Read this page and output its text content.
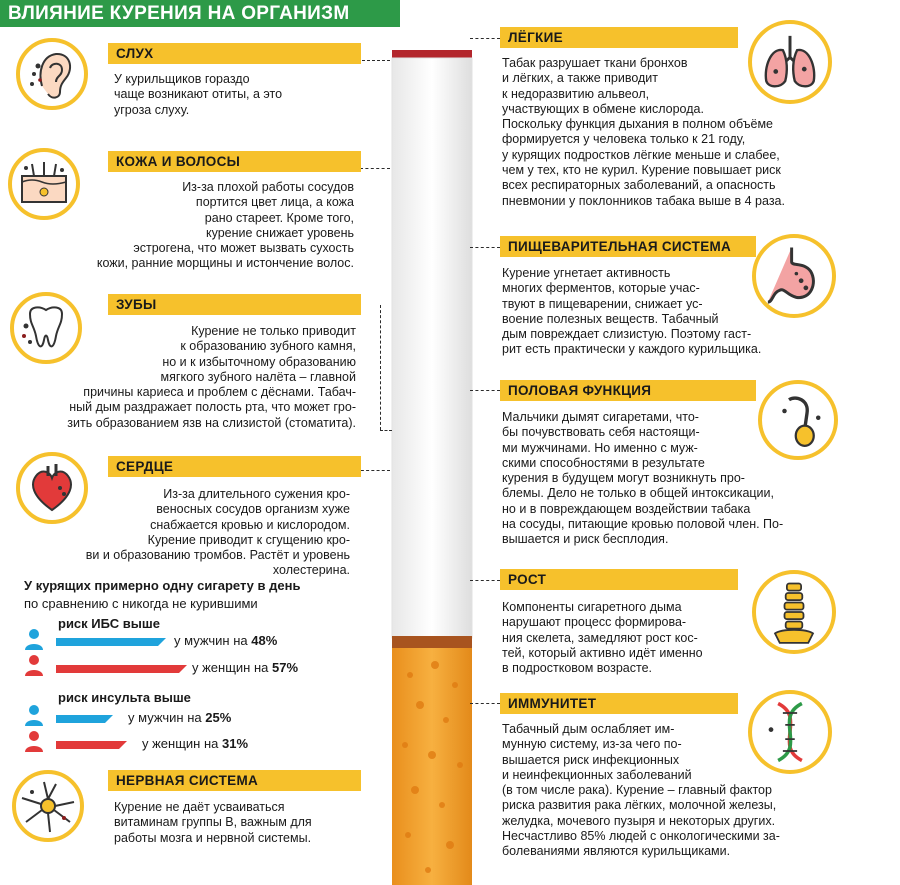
ВЛИЯНИЕ КУРЕНИЯ НА ОРГАНИЗМ
СЛУХ
У курильщиков гораздо
чаще возникают отиты, а это
угроза слуху.
КОЖА И ВОЛОСЫ
Из-за плохой работы сосудов
портится цвет лица, а кожа
рано стареет. Кроме того,
курение снижает уровень
эстрогена, что может вызвать сухость
кожи, ранние морщины и истончение волос.
ЗУБЫ
Курение не только приводит
к образованию зубного камня,
но и к избыточному образованию
мягкого зубного налёта – главной
причины кариеса и проблем с дёснами. Табач-
ный дым раздражает полость рта, что может гро-
зить образованием язв на слизистой (стоматита).
СЕРДЦЕ
Из-за длительного сужения кро-
веносных сосудов организм хуже
снабжается кровью и кислородом.
Курение приводит к сгущению кро-
ви и образованию тромбов. Растёт и уровень
холестерина.
У курящих примерно одну сигарету в день
по сравнению с никогда не курившими
риск ИБС выше
у мужчин на 48%
у женщин на 57%
риск инсульта выше
у мужчин на 25%
у женщин на 31%
НЕРВНАЯ СИСТЕМА
Курение не даёт усваиваться
витаминам группы В, важным для
работы мозга и нервной системы.
ЛЁГКИЕ
Табак разрушает ткани бронхов
и лёгких, а также приводит
к недоразвитию альвеол,
участвующих в обмене кислорода.
Поскольку функция дыхания в полном объёме
формируется у человека только к 21 году,
у курящих подростков лёгкие меньше и слабее,
чем у тех, кто не курил. Курение повышает риск
всех респираторных заболеваний, а опасность
пневмонии у поклонников табака выше в 4 раза.
ПИЩЕВАРИТЕЛЬНАЯ СИСТЕМА
Курение угнетает активность
многих ферментов, которые учас-
твуют в пищеварении, снижает ус-
воение полезных веществ. Табачный
дым повреждает слизистую. Поэтому гаст-
рит есть практически у каждого курильщика.
ПОЛОВАЯ ФУНКЦИЯ
Мальчики дымят сигаретами, что-
бы почувствовать себя настоящи-
ми мужчинами. Но именно с муж-
скими способностями в результате
курения в будущем могут возникнуть про-
блемы. Дело не только в общей интоксикации,
но и в повреждающем воздействии табака
на сосуды, питающие кровью половой член. По-
вышается и риск бесплодия.
РОСТ
Компоненты сигаретного дыма
нарушают процесс формирова-
ния скелета, замедляют рост кос-
тей, который активно идёт именно
в подростковом возрасте.
ИММУНИТЕТ
Табачный дым ослабляет им-
мунную систему, из-за чего по-
вышается риск инфекционных
и неинфекционных заболеваний
(в том числе рака). Курение – главный фактор
риска развития рака лёгких, молочной железы,
желудка, мочевого пузыря и некоторых других.
Несчастливо 85% людей с онкологическими за-
болеваниями являются курильщиками.
